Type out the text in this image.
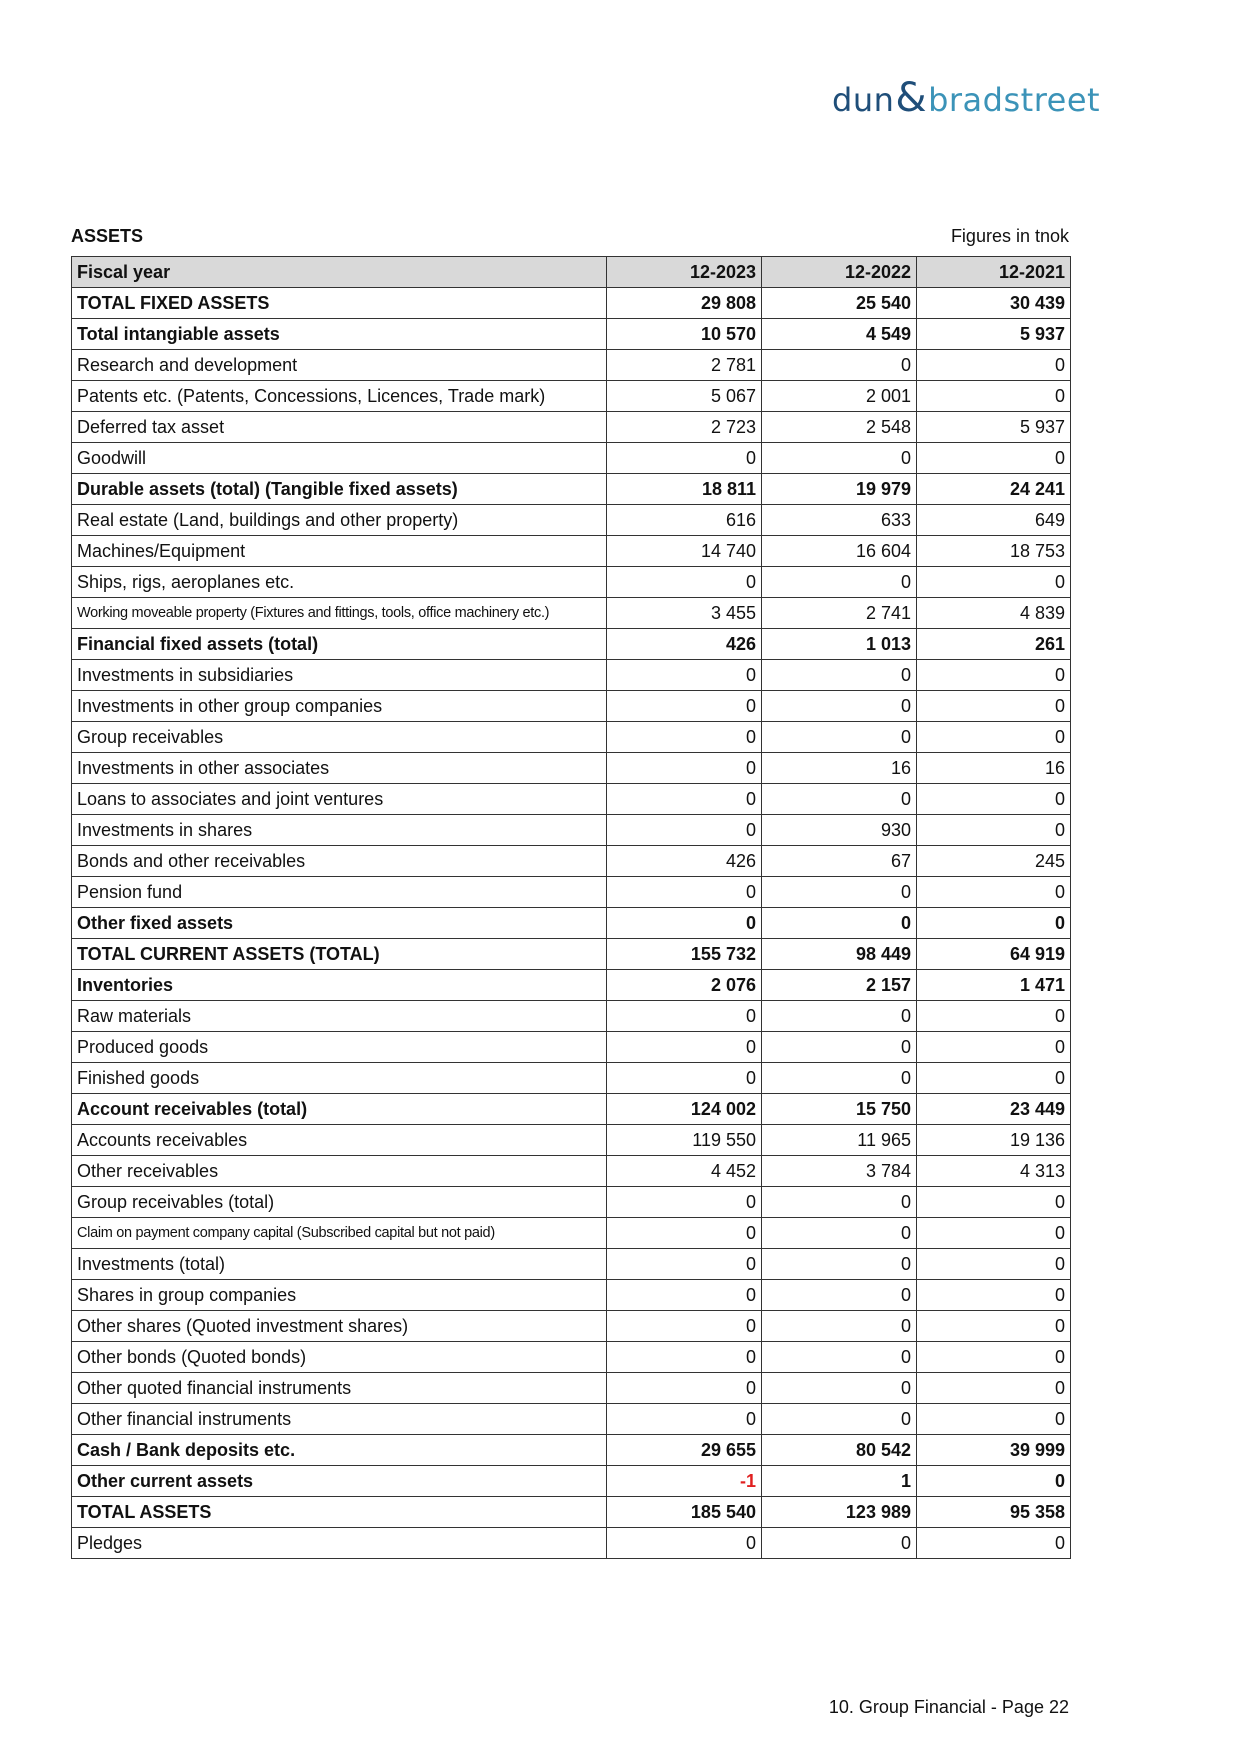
dun & bradstreet
ASSETS	Figures in tnok
Fiscal year	12-2023	12-2022	12-2021
TOTAL FIXED ASSETS	29 808	25 540	30 439
Total intangiable assets	10 570	4 549	5 937
Research and development	2 781	0	0
Patents etc. (Patents, Concessions, Licences, Trade mark)	5 067	2 001	0
Deferred tax asset	2 723	2 548	5 937
Goodwill	0	0	0
Durable assets (total) (Tangible fixed assets)	18 811	19 979	24 241
Real estate (Land, buildings and other property)	616	633	649
Machines/Equipment	14 740	16 604	18 753
Ships, rigs, aeroplanes etc.	0	0	0
Working moveable property (Fixtures and fittings, tools, office machinery etc.)	3 455	2 741	4 839
Financial fixed assets (total)	426	1 013	261
Investments in subsidiaries	0	0	0
Investments in other group companies	0	0	0
Group receivables	0	0	0
Investments in other associates	0	16	16
Loans to associates and joint ventures	0	0	0
Investments in shares	0	930	0
Bonds and other receivables	426	67	245
Pension fund	0	0	0
Other fixed assets	0	0	0
TOTAL CURRENT ASSETS (TOTAL)	155 732	98 449	64 919
Inventories	2 076	2 157	1 471
Raw materials	0	0	0
Produced goods	0	0	0
Finished goods	0	0	0
Account receivables (total)	124 002	15 750	23 449
Accounts receivables	119 550	11 965	19 136
Other receivables	4 452	3 784	4 313
Group receivables (total)	0	0	0
Claim on payment company capital (Subscribed capital but not paid)	0	0	0
Investments (total)	0	0	0
Shares in group companies	0	0	0
Other shares (Quoted investment shares)	0	0	0
Other bonds (Quoted bonds)	0	0	0
Other quoted financial instruments	0	0	0
Other financial instruments	0	0	0
Cash / Bank deposits etc.	29 655	80 542	39 999
Other current assets	-1	1	0
TOTAL ASSETS	185 540	123 989	95 358
Pledges	0	0	0
10. Group Financial - Page 22
